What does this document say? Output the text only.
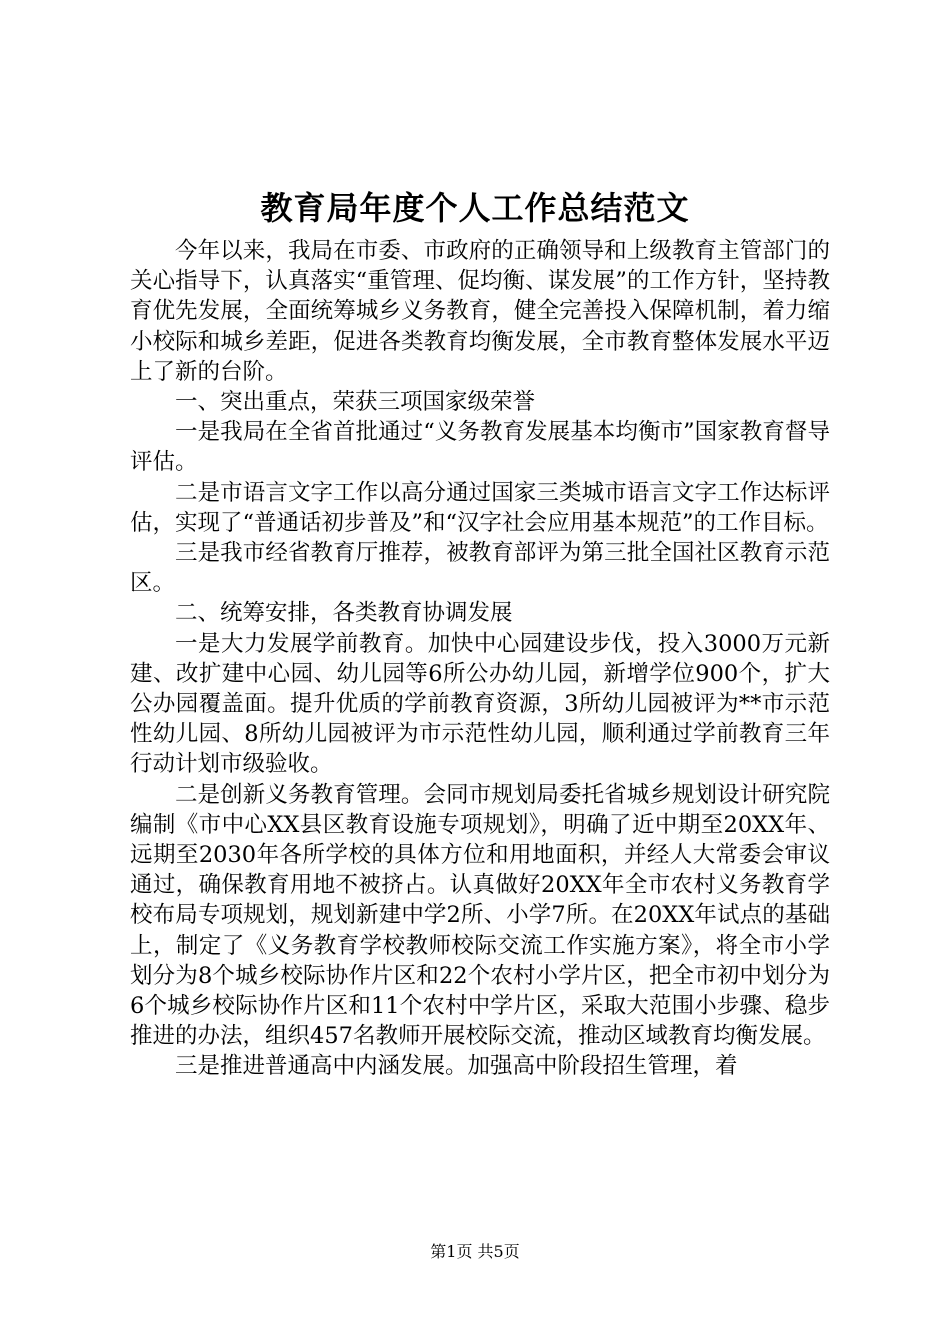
教育局年度个人工作总结范文

今年以来，我局在市委、市政府的正确领导和上级教育主管部门的关心指导下，认真落实“重管理、促均衡、谋发展”的工作方针，坚持教育优先发展，全面统筹城乡义务教育，健全完善投入保障机制，着力缩小校际和城乡差距，促进各类教育均衡发展，全市教育整体发展水平迈上了新的台阶。

一、突出重点，荣获三项国家级荣誉

一是我局在全省首批通过“义务教育发展基本均衡市”国家教育督导评估。

二是市语言文字工作以高分通过国家三类城市语言文字工作达标评估，实现了“普通话初步普及”和“汉字社会应用基本规范”的工作目标。

三是我市经省教育厅推荐，被教育部评为第三批全国社区教育示范区。

二、统筹安排，各类教育协调发展

一是大力发展学前教育。加快中心园建设步伐，投入3000万元新建、改扩建中心园、幼儿园等6所公办幼儿园，新增学位900个，扩大公办园覆盖面。提升优质的学前教育资源，3所幼儿园被评为**市示范性幼儿园、8所幼儿园被评为市示范性幼儿园，顺利通过学前教育三年行动计划市级验收。

二是创新义务教育管理。会同市规划局委托省城乡规划设计研究院编制《市中心XX县区教育设施专项规划》，明确了近中期至20XX年、远期至2030年各所学校的具体方位和用地面积，并经人大常委会审议通过，确保教育用地不被挤占。认真做好20XX年全市农村义务教育学校布局专项规划，规划新建中学2所、小学7所。在20XX年试点的基础上，制定了《义务教育学校教师校际交流工作实施方案》，将全市小学划分为8个城乡校际协作片区和22个农村小学片区，把全市初中划分为6个城乡校际协作片区和11个农村中学片区，采取大范围小步骤、稳步推进的办法，组织457名教师开展校际交流，推动区域教育均衡发展。

三是推进普通高中内涵发展。加强高中阶段招生管理，着

第1页 共5页
